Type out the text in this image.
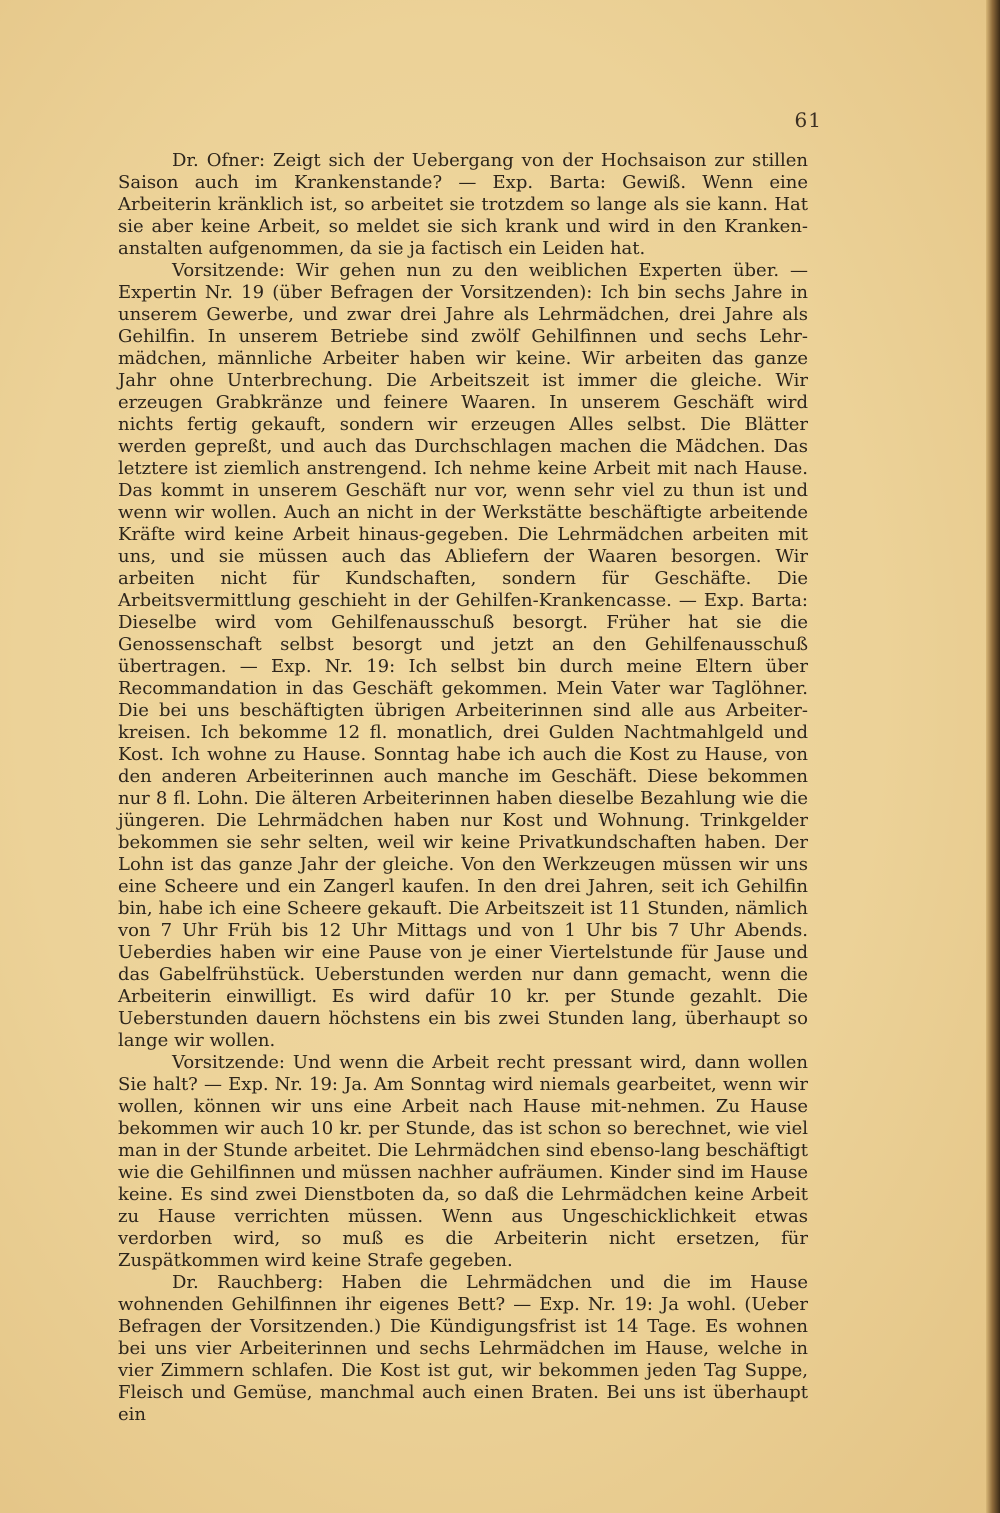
61

Dr. Ofner: Zeigt sich der Uebergang von der Hochsaison zur stillen Saison auch im Krankenstande? — Exp. Barta: Gewiß. Wenn eine Arbeiterin kränklich ist, so arbeitet sie trotzdem so lange als sie kann. Hat sie aber keine Arbeit, so meldet sie sich krank und wird in den Kranken-anstalten aufgenommen, da sie ja factisch ein Leiden hat.

Vorsitzende: Wir gehen nun zu den weiblichen Experten über. — Expertin Nr. 19 (über Befragen der Vorsitzenden): Ich bin sechs Jahre in unserem Gewerbe, und zwar drei Jahre als Lehrmädchen, drei Jahre als Gehilfin. In unserem Betriebe sind zwölf Gehilfinnen und sechs Lehr-mädchen, männliche Arbeiter haben wir keine. Wir arbeiten das ganze Jahr ohne Unterbrechung. Die Arbeitszeit ist immer die gleiche. Wir erzeugen Grabkränze und feinere Waaren. In unserem Geschäft wird nichts fertig gekauft, sondern wir erzeugen Alles selbst. Die Blätter werden gepreßt, und auch das Durchschlagen machen die Mädchen. Das letztere ist ziemlich anstrengend. Ich nehme keine Arbeit mit nach Hause. Das kommt in unserem Geschäft nur vor, wenn sehr viel zu thun ist und wenn wir wollen. Auch an nicht in der Werkstätte beschäftigte arbeitende Kräfte wird keine Arbeit hinaus-gegeben. Die Lehrmädchen arbeiten mit uns, und sie müssen auch das Abliefern der Waaren besorgen. Wir arbeiten nicht für Kundschaften, sondern für Geschäfte. Die Arbeitsvermittlung geschieht in der Gehilfen-Krankencasse. — Exp. Barta: Dieselbe wird vom Gehilfenausschuß besorgt. Früher hat sie die Genossenschaft selbst besorgt und jetzt an den Gehilfenausschuß übertragen. — Exp. Nr. 19: Ich selbst bin durch meine Eltern über Recommandation in das Geschäft gekommen. Mein Vater war Taglöhner. Die bei uns beschäftigten übrigen Arbeiterinnen sind alle aus Arbeiter-kreisen. Ich bekomme 12 fl. monatlich, drei Gulden Nachtmahlgeld und Kost. Ich wohne zu Hause. Sonntag habe ich auch die Kost zu Hause, von den anderen Arbeiterinnen auch manche im Geschäft. Diese bekommen nur 8 fl. Lohn. Die älteren Arbeiterinnen haben dieselbe Bezahlung wie die jüngeren. Die Lehrmädchen haben nur Kost und Wohnung. Trinkgelder bekommen sie sehr selten, weil wir keine Privatkundschaften haben. Der Lohn ist das ganze Jahr der gleiche. Von den Werkzeugen müssen wir uns eine Scheere und ein Zangerl kaufen. In den drei Jahren, seit ich Gehilfin bin, habe ich eine Scheere gekauft. Die Arbeitszeit ist 11 Stunden, nämlich von 7 Uhr Früh bis 12 Uhr Mittags und von 1 Uhr bis 7 Uhr Abends. Ueberdies haben wir eine Pause von je einer Viertelstunde für Jause und das Gabelfrühstück. Ueberstunden werden nur dann gemacht, wenn die Arbeiterin einwilligt. Es wird dafür 10 kr. per Stunde gezahlt. Die Ueberstunden dauern höchstens ein bis zwei Stunden lang, überhaupt so lange wir wollen.

Vorsitzende: Und wenn die Arbeit recht pressant wird, dann wollen Sie halt? — Exp. Nr. 19: Ja. Am Sonntag wird niemals gearbeitet, wenn wir wollen, können wir uns eine Arbeit nach Hause mit-nehmen. Zu Hause bekommen wir auch 10 kr. per Stunde, das ist schon so berechnet, wie viel man in der Stunde arbeitet. Die Lehrmädchen sind ebenso-lang beschäftigt wie die Gehilfinnen und müssen nachher aufräumen. Kinder sind im Hause keine. Es sind zwei Dienstboten da, so daß die Lehrmädchen keine Arbeit zu Hause verrichten müssen. Wenn aus Ungeschicklichkeit etwas verdorben wird, so muß es die Arbeiterin nicht ersetzen, für Zuspätkommen wird keine Strafe gegeben.

Dr. Rauchberg: Haben die Lehrmädchen und die im Hause wohnenden Gehilfinnen ihr eigenes Bett? — Exp. Nr. 19: Ja wohl. (Ueber Befragen der Vorsitzenden.) Die Kündigungsfrist ist 14 Tage. Es wohnen bei uns vier Arbeiterinnen und sechs Lehrmädchen im Hause, welche in vier Zimmern schlafen. Die Kost ist gut, wir bekommen jeden Tag Suppe, Fleisch und Gemüse, manchmal auch einen Braten. Bei uns ist überhaupt ein
